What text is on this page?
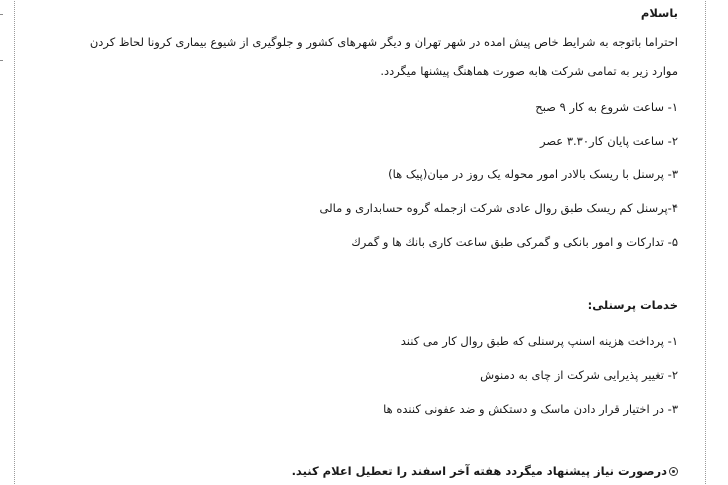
باسلام
احتراما باتوجه به شرایط خاص پیش امده در شهر تهران و دیگر شهرهای کشور و جلوگیری از شیوع بیماری کرونا لحاظ کردن
موارد زیر به تمامی شرکت هابه صورت هماهنگ پیشنها میگردد.
۱- ساعت شروع به کار ۹ صبح
۲- ساعت پایان کار۳.۳۰ عصر
۳- پرسنل با ریسک بالادر امور محوله یک روز در میان(پیک ها)
۴-پرسنل کم ریسک طبق روال عادی شرکت ازجمله گروه حسابداری و مالی
۵- تداركات و امور بانكى و گمركى طبق ساعت كارى بانك ها و گمرك
خدمات پرسنلی:
۱- پرداخت هزینه اسنپ پرسنلی که طبق روال کار می کنند
۲- تغییر پذیرایی شرکت از چای به دمنوش
۳- در اختیار قرار دادن ماسک و دستکش و ضد عفونی کننده ها
درصورت نیاز پیشنهاد میگردد هفته آخر اسفند را تعطیل اعلام کنید.
